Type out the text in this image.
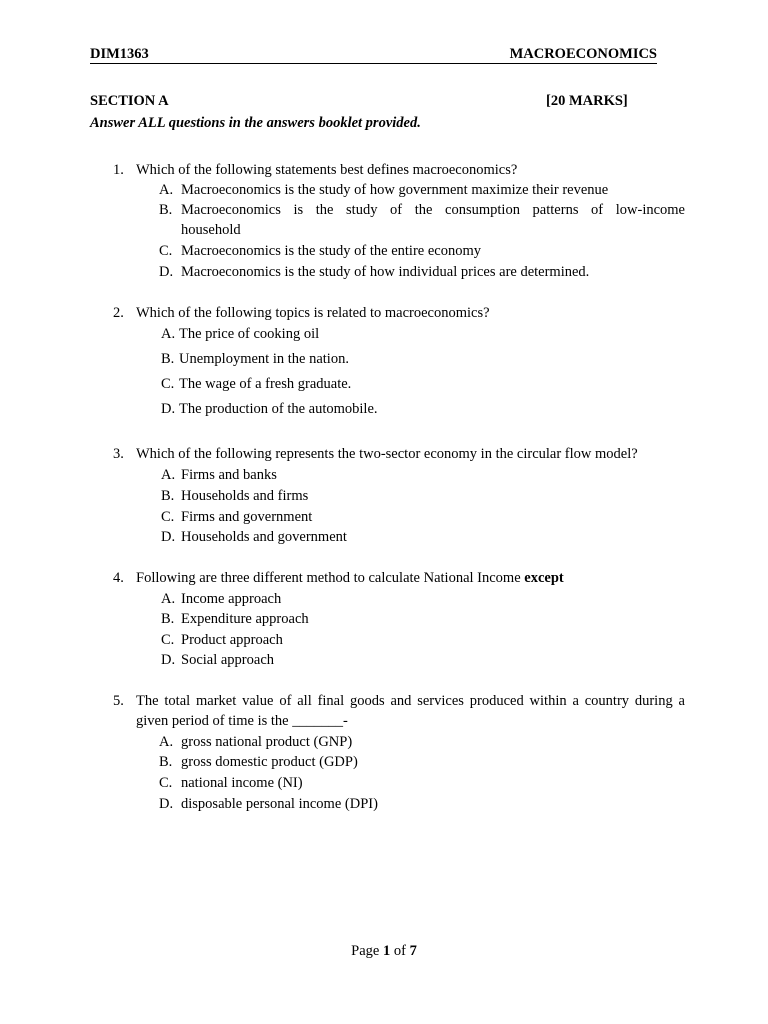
DIM1363	MACROECONOMICS
SECTION A	[20 MARKS]
Answer ALL questions in the answers booklet provided.
1. Which of the following statements best defines macroeconomics?
A. Macroeconomics is the study of how government maximize their revenue
B. Macroeconomics is the study of the consumption patterns of low-income
household
C. Macroeconomics is the study of the entire economy
D. Macroeconomics is the study of how individual prices are determined.
2. Which of the following topics is related to macroeconomics?
A. The price of cooking oil
B. Unemployment in the nation.
C. The wage of a fresh graduate.
D. The production of the automobile.
3. Which of the following represents the two-sector economy in the circular flow model?
A. Firms and banks
B. Households and firms
C. Firms and government
D. Households and government
4. Following are three different method to calculate National Income except
A. Income approach
B. Expenditure approach
C. Product approach
D. Social approach
5. The total market value of all final goods and services produced within a country during a
given period of time is the _______-
A. gross national product (GNP)
B. gross domestic product (GDP)
C. national income (NI)
D. disposable personal income (DPI)
Page 1 of 7
